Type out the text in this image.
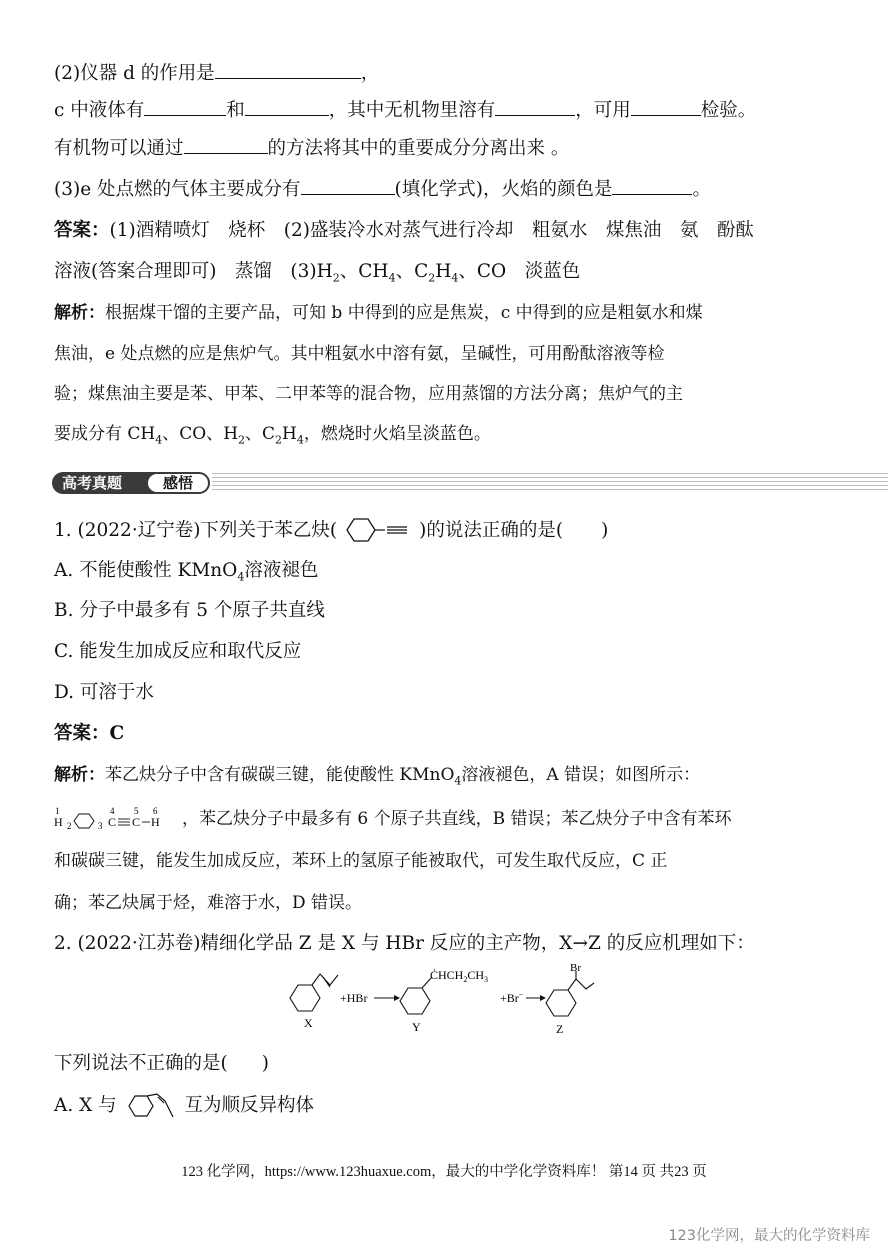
(2)仪器 d 的作用是	，
c 中液体有	和	，其中无机物里溶有	，可用	检验。
有机物可以通过	的方法将其中的重要成分分离出来 。
(3)e 处点燃的气体主要成分有	(填化学式)，火焰的颜色是	。
答案：(1)酒精喷灯　烧杯　(2)盛装冷水对蒸气进行冷却　粗氨水　煤焦油　氨　酚酞
溶液(答案合理即可)　蒸馏　$(3)H_2$、$CH_4$、$C_2H_4$、CO　淡蓝色
解析：根据煤干馏的主要产品，可知 b 中得到的应是焦炭，c 中得到的应是粗氨水和煤
焦油，e 处点燃的应是焦炉气。其中粗氨水中溶有氨，呈碱性，可用酚酞溶液等检
验；煤焦油主要是苯、甲苯、二甲苯等的混合物，应用蒸馏的方法分离；焦炉气的主
要成分有 $CH_4$、CO、$H_2$、$C_2H_4$，燃烧时火焰呈淡蓝色。
高考真题	感悟
1. (2022·辽宁卷)下列关于苯乙炔(	)的说法正确的是( )
A. 不能使酸性 KMnO$_4$溶液褪色
B. 分子中最多有 5 个原子共直线
C. 能发生加成反应和取代反应
D. 可溶于水
答案：C
解析：苯乙炔分子中含有碳碳三键，能使酸性 KMnO$_4$溶液褪色，A 错误；如图所示：
1
H 2	3
4
C
5
C
6
H ，苯乙炔分子中最多有 6 个原子共直线，B 错误；苯乙炔分子中含有苯环
和碳碳三键，能发生加成反应，苯环上的氢原子能被取代，可发生取代反应，C 正
确；苯乙炔属于烃，难溶于水，D 错误。
2. (2022·江苏卷)精细化学品 Z 是 X 与 HBr 反应的主产物，X→Z 的反应机理如下：
X
+HBr
$ĊHCH_2CH_3$
Y
+Br−
Br
Z
下列说法不正确的是( )
A. X 与	互为顺反异构体
123 化学网，https://www.123huaxue.com，最大的中学化学资料库！ 第14 页 共23 页
123化学网，最大的化学资料库
